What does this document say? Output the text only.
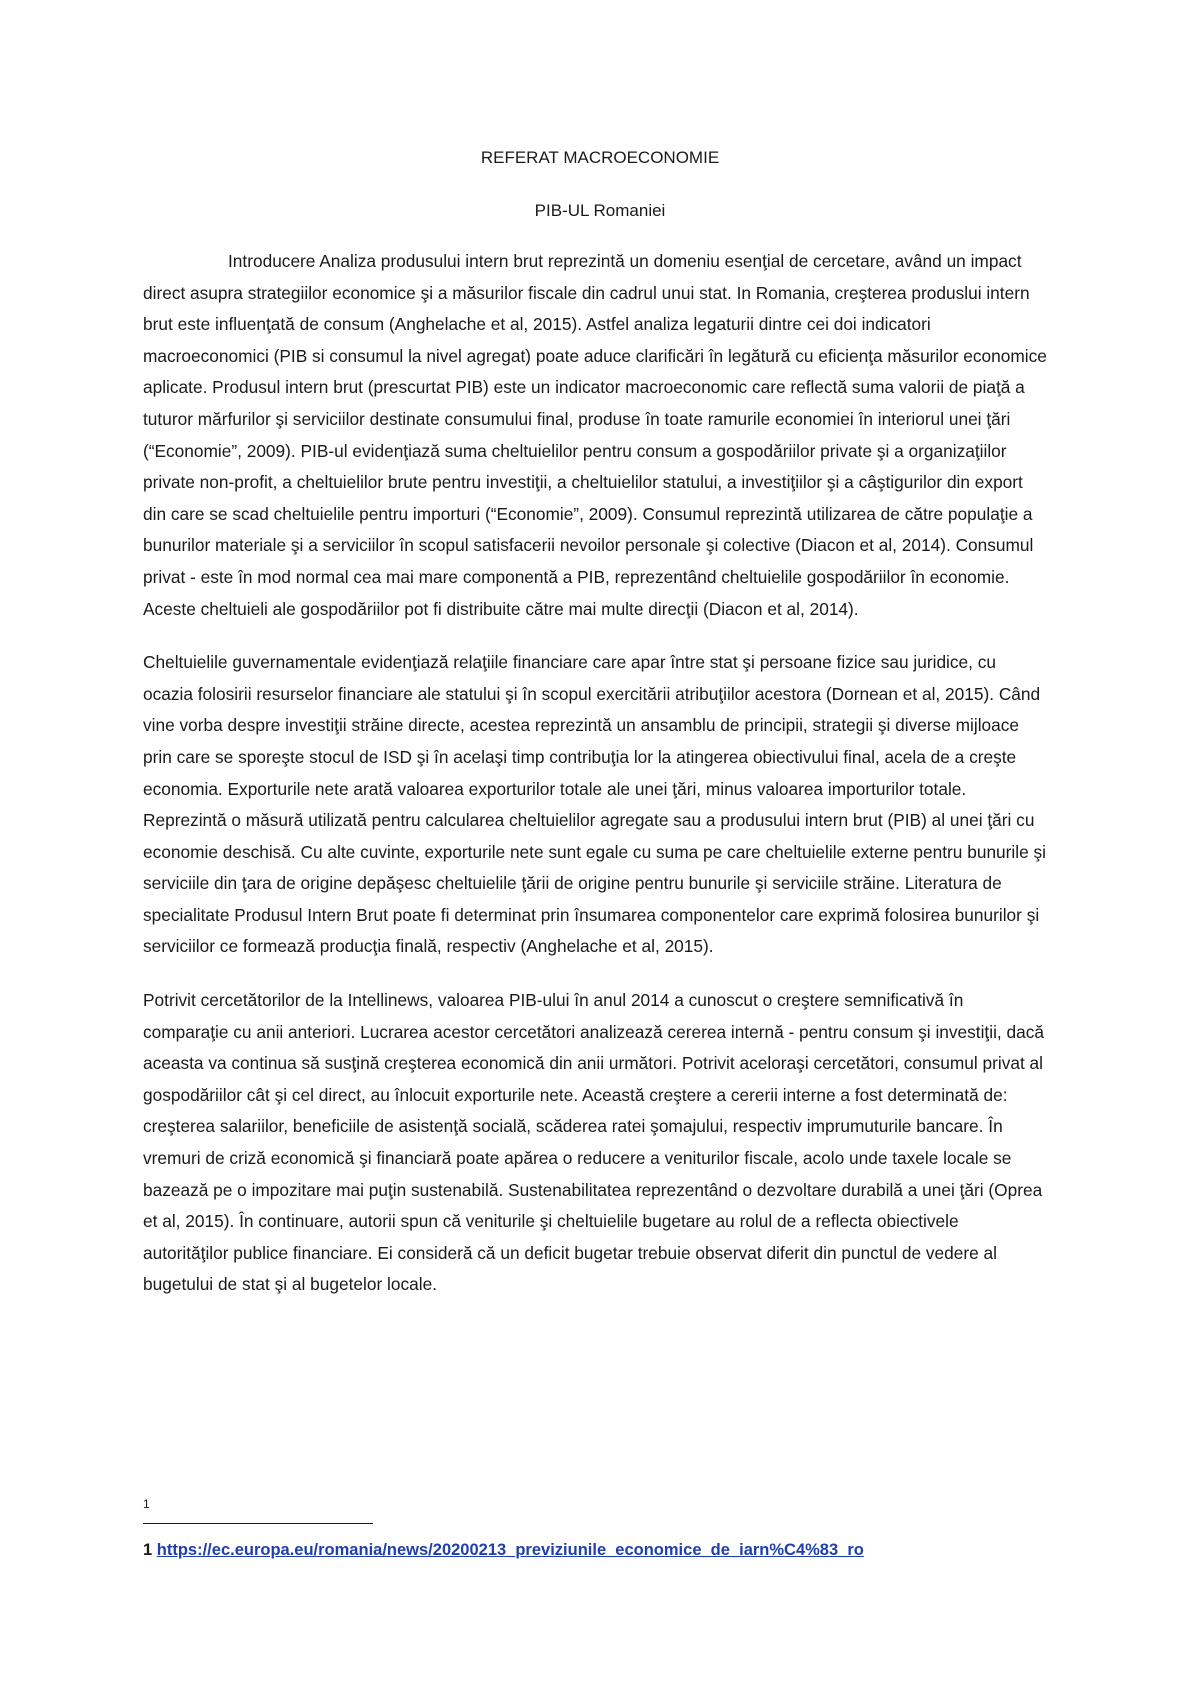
REFERAT MACROECONOMIE
PIB-UL Romaniei

Introducere Analiza produsului intern brut reprezintă un domeniu esenţial de cercetare, având un impact direct asupra strategiilor economice şi a măsurilor fiscale din cadrul unui stat. In Romania, creşterea produslui intern brut este influenţată de consum (Anghelache et al, 2015). Astfel analiza legaturii dintre cei doi indicatori macroeconomici (PIB si consumul la nivel agregat) poate aduce clarificări în legătură cu eficienţa măsurilor economice aplicate. Produsul intern brut (prescurtat PIB) este un indicator macroeconomic care reflectă suma valorii de piaţă a tuturor mărfurilor şi serviciilor destinate consumului final, produse în toate ramurile economiei în interiorul unei ţări (“Economie”, 2009). PIB-ul evidenţiază suma cheltuielilor pentru consum a gospodăriilor private şi a organizaţiilor private non-profit, a cheltuielilor brute pentru investiţii, a cheltuielilor statului, a investiţiilor şi a câştigurilor din export din care se scad cheltuielile pentru importuri (“Economie”, 2009). Consumul reprezintă utilizarea de către populaţie a bunurilor materiale şi a serviciilor în scopul satisfacerii nevoilor personale şi colective (Diacon et al, 2014). Consumul privat - este în mod normal cea mai mare componentă a PIB, reprezentând cheltuielile gospodăriilor în economie. Aceste cheltuieli ale gospodăriilor pot fi distribuite către mai multe direcţii (Diacon et al, 2014).

Cheltuielile guvernamentale evidenţiază relaţiile financiare care apar între stat şi persoane fizice sau juridice, cu ocazia folosirii resurselor financiare ale statului şi în scopul exercitării atribuţiilor acestora (Dornean et al, 2015). Când vine vorba despre investiţii străine directe, acestea reprezintă un ansamblu de principii, strategii şi diverse mijloace prin care se sporeşte stocul de ISD şi în acelaşi timp contribuţia lor la atingerea obiectivului final, acela de a creşte economia. Exporturile nete arată valoarea exporturilor totale ale unei ţări, minus valoarea importurilor totale. Reprezintă o măsură utilizată pentru calcularea cheltuielilor agregate sau a produsului intern brut (PIB) al unei ţări cu economie deschisă. Cu alte cuvinte, exporturile nete sunt egale cu suma pe care cheltuielile externe pentru bunurile şi serviciile din ţara de origine depăşesc cheltuielile ţării de origine pentru bunurile şi serviciile străine. Literatura de specialitate Produsul Intern Brut poate fi determinat prin însumarea componentelor care exprimă folosirea bunurilor şi serviciilor ce formează producţia finală, respectiv (Anghelache et al, 2015).

Potrivit cercetătorilor de la Intellinews, valoarea PIB-ului în anul 2014 a cunoscut o creştere semnificativă în comparaţie cu anii anteriori. Lucrarea acestor cercetători analizează cererea internă - pentru consum şi investiţii, dacă aceasta va continua să susţină creşterea economică din anii următori. Potrivit aceloraşi cercetători, consumul privat al gospodăriilor cât şi cel direct, au înlocuit exporturile nete. Această creştere a cererii interne a fost determinată de: creşterea salariilor, beneficiile de asistenţă socială, scăderea ratei şomajului, respectiv imprumuturile bancare. În vremuri de criză economică şi financiară poate apărea o reducere a veniturilor fiscale, acolo unde taxele locale se bazează pe o impozitare mai puţin sustenabilă. Sustenabilitatea reprezentând o dezvoltare durabilă a unei ţări (Oprea et al, 2015). În continuare, autorii spun că veniturile şi cheltuielile bugetare au rolul de a reflecta obiectivele autorităţilor publice financiare. Ei consideră că un deficit bugetar trebuie observat diferit din punctul de vedere al bugetului de stat şi al bugetelor locale.

1
1 https://ec.europa.eu/romania/news/20200213_previziunile_economice_de_iarn%C4%83_ro
